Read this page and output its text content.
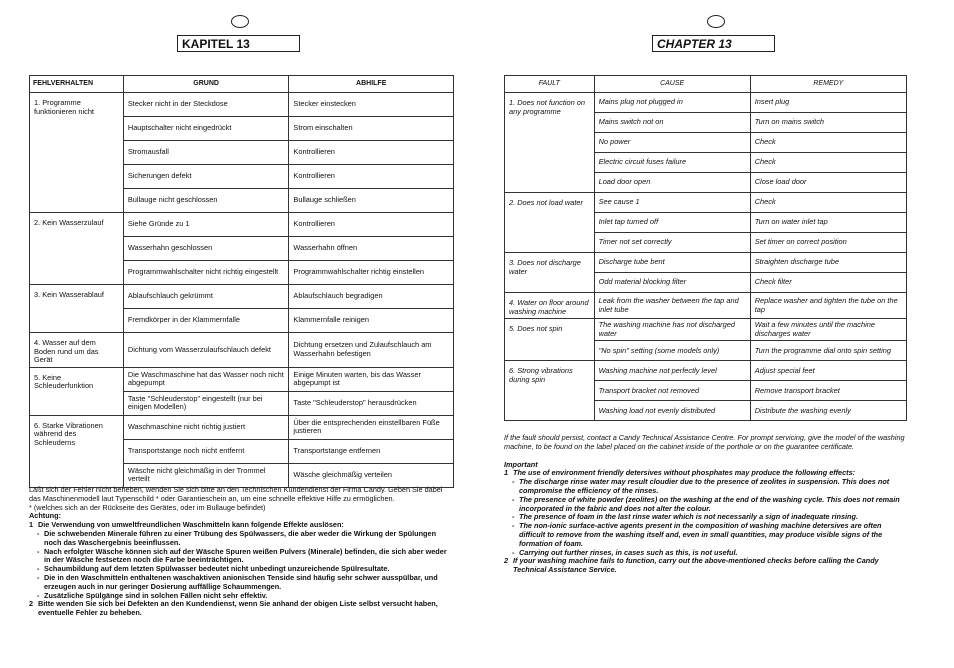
KAPITEL 13
FEHLVERHALTEN	GRUND	ABHILFE
1. Programme funktionieren nicht	Stecker nicht in der Steckdose	Stecker einstecken
	Hauptschalter nicht eingedrückt	Strom einschalten
	Stromausfall	Kontrollieren
	Sicherungen defekt	Kontrollieren
	Bullauge nicht geschlossen	Bullauge schließen
2. Kein Wasserzulauf	Siehe Gründe zu 1	Kontrollieren
	Wasserhahn geschlossen	Wasserhahn öffnen
	Programmwahlschalter nicht richtig eingestellt	Programmwahlschalter richtig einstellen
3. Kein Wasserablauf	Ablaufschlauch gekrümmt	Ablaufschlauch begradigen
	Fremdkörper in der Klammernfalle	Klammernfalle reinigen
4. Wasser auf dem Boden rund um das Gerät	Dichtung vom Wasserzulaufschlauch defekt	Dichtung ersetzen und Zulaufschlauch am Wasserhahn befestigen
5. Keine Schleuderfunktion	Die Waschmaschine hat das Wasser noch nicht abgepumpt	Einige Minuten warten, bis das Wasser abgepumpt ist
	Taste "Schleuderstop" eingestellt (nur bei einigen Modellen)	Taste "Schleuderstop" herausdrücken
6. Starke Vibrationen während des Schleuderns	Waschmaschine nicht richtig justiert	Über die entsprechenden einstellbaren Füße justieren
	Transportstange noch nicht entfernt	Transportstange entfernen
	Wäsche nicht gleichmäßig in der Trommel verteilt	Wäsche gleichmäßig verteilen

Läßt sich der Fehler nicht beheben, wenden Sie sich bitte an den Technischen Kundendienst der Firma Candy. Geben Sie dabei das Maschinenmodell laut Typenschild * oder Garantieschein an, um eine schnelle effektive Hilfe zu ermöglichen.

* (welches sich an der Rückseite des Gerätes, oder im Bullauge befindet)

Achtung:

1 Die Verwendung von umweltfreundlichen Waschmitteln kann folgende Effekte auslösen:
- Die schwebenden Minerale führen zu einer Trübung des Spülwassers, die aber weder die Wirkung der Spülungen noch das Waschergebnis beeinflussen.
- Nach erfolgter Wäsche können sich auf der Wäsche Spuren weißen Pulvers (Minerale) befinden, die sich aber weder in der Wäsche festsetzen noch die Farbe beeinträchtigen.
- Schaumbildung auf dem letzten Spülwasser bedeutet nicht unbedingt unzureichende Spülresultate.
- Die in den Waschmitteln enthaltenen waschaktiven anionischen Tenside sind häufig sehr schwer ausspülbar, und erzeugen auch in nur geringer Dosierung auffällige Schaummengen.
- Zusätzliche Spülgänge sind in solchen Fällen nicht sehr effektiv.
2 Bitte wenden Sie sich bei Defekten an den Kundendienst, wenn Sie anhand der obigen Liste selbst versucht haben, eventuelle Fehler zu beheben.
CHAPTER 13
FAULT	CAUSE	REMEDY
1. Does not function on any programme	Mains plug not plugged in	Insert plug
	Mains switch not on	Turn on mains switch
	No power	Check
	Electric circuit fuses failure	Check
	Load door open	Close load door
2. Does not load water	See cause 1	Check
	Inlet tap turned off	Turn on water inlet tap
	Timer not set correctly	Set timer on correct position
3. Does not discharge water	Discharge tube bent	Straighten discharge tube
	Odd material blocking filter	Check filter
4. Water on floor around washing machine	Leak from the washer between the tap and inlet tube	Replace washer and tighten the tube on the tap
5. Does not spin	The washing machine has not discharged water	Wait a few minutes until the machine discharges water
	"No spin" setting (some models only)	Turn the programme dial onto spin setting
6. Strong vibrations during spin	Washing machine not perfectly level	Adjust special feet
	Transport bracket not removed	Remove transport bracket
	Washing load not evenly distributed	Distribute the washing evenly

If the fault should persist, contact a Candy Technical Assistance Centre. For prompt servicing, give the model of the washing machine, to be found on the label placed on the cabinet inside of the porthole or on the guarantee certificate.

Important

1 The use of environment friendly detersives without phosphates may produce the following effects:
- The discharge rinse water may result cloudier due to the presence of zeolites in suspension. This does not compromise the efficiency of the rinses.
- The presence of white powder (zeolites) on the washing at the end of the washing cycle. This does not remain incorporated in the fabric and does not alter the colour.
- The presence of foam in the last rinse water which is not necessarily a sign of inadequate rinsing.
- The non-ionic surface-active agents present in the composition of washing machine detersives are often difficult to remove from the washing itself and, even in small quantities, may produce visible signs of the formation of foam.
- Carrying out further rinses, in cases such as this, is not useful.
2 If your washing machine fails to function, carry out the above-mentioned checks before calling the Candy Technical Assistance Service.
